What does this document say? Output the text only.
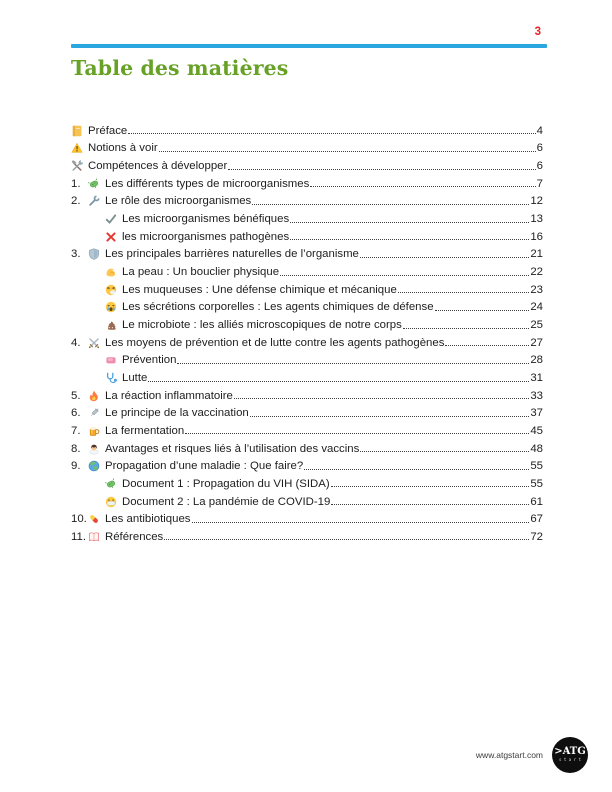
3
Table des matières
Préface	4
Notions à voir	6
Compétences à développer	6
1.	Les différents types de microorganismes	7
2.	Le rôle des microorganismes	12
Les microorganismes bénéfiques	13
les microorganismes pathogènes	16
3.	Les principales barrières naturelles de l’organisme	21
La peau : Un bouclier physique	22
Les muqueuses : Une défense chimique et mécanique	23
Les sécrétions corporelles : Les agents chimiques de défense	24
Le microbiote : les alliés microscopiques de notre corps	25
4.	Les moyens de prévention et de lutte contre les agents pathogènes	27
Prévention	28
Lutte	31
5.	La réaction inflammatoire	33
6.	Le principe de la vaccination	37
7.	La fermentation	45
8.	Avantages et risques liés à l’utilisation des vaccins	48
9.	Propagation d’une maladie : Que faire?	55
Document 1 : Propagation du VIH (SIDA)	55
Document 2 : La pandémie de COVID-19	61
10. Les antibiotiques	67
11. Références	72
www.atgstart.com >ATG
start
